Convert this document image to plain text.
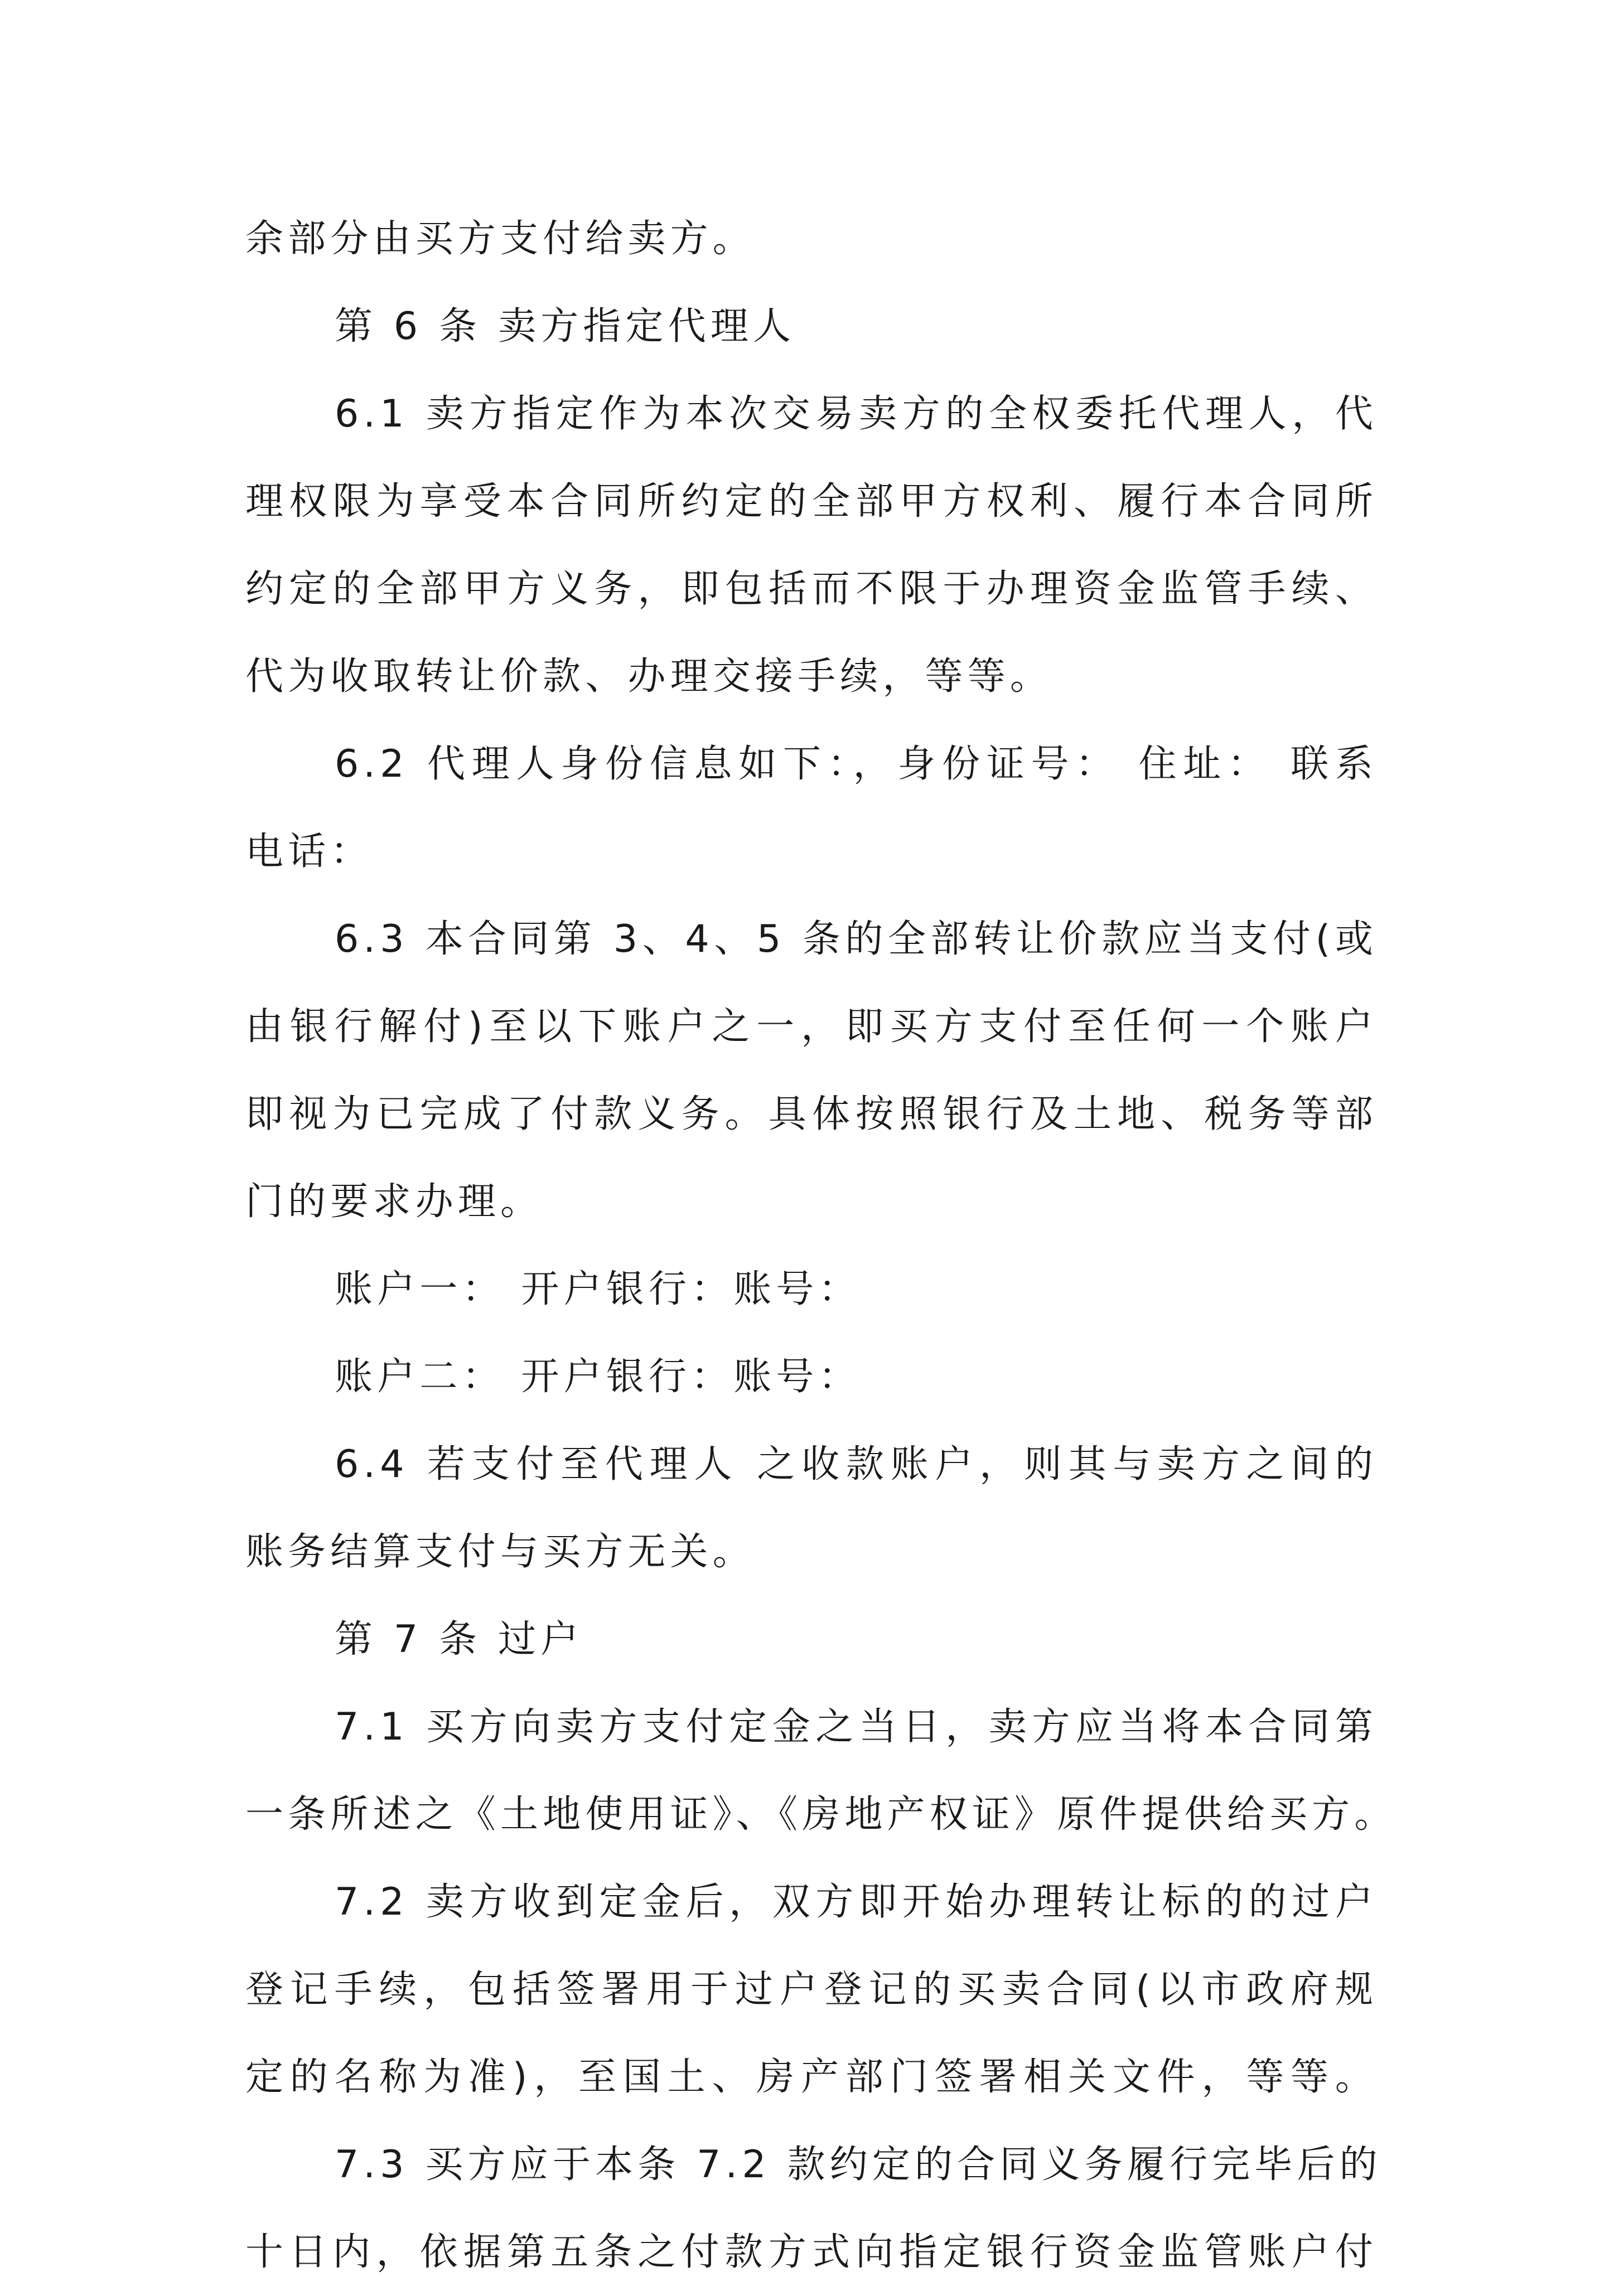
余部分由买方支付给卖方。
第 6 条 卖方指定代理人
6.1 卖方指定作为本次交易卖方的全权委托代理人，代
理权限为享受本合同所约定的全部甲方权利、履行本合同所
约定的全部甲方义务，即包括而不限于办理资金监管手续、
代为收取转让价款、办理交接手续，等等。
6.2 代理人身份信息如下：，身份证号： 住址： 联系
电话：
6.3 本合同第 3、4、5 条的全部转让价款应当支付(或
由银行解付)至以下账户之一，即买方支付至任何一个账户
即视为已完成了付款义务。具体按照银行及土地、税务等部
门的要求办理。
账户一： 开户银行：账号：
账户二： 开户银行：账号：
6.4 若支付至代理人 之收款账户，则其与卖方之间的
账务结算支付与买方无关。
第 7 条 过户
7.1 买方向卖方支付定金之当日，卖方应当将本合同第
一条所述之《土地使用证》、《房地产权证》原件提供给买方。
7.2 卖方收到定金后，双方即开始办理转让标的的过户
登记手续，包括签署用于过户登记的买卖合同(以市政府规
定的名称为准)，至国土、房产部门签署相关文件，等等。
7.3 买方应于本条 7.2 款约定的合同义务履行完毕后的
十日内，依据第五条之付款方式向指定银行资金监管账户付
